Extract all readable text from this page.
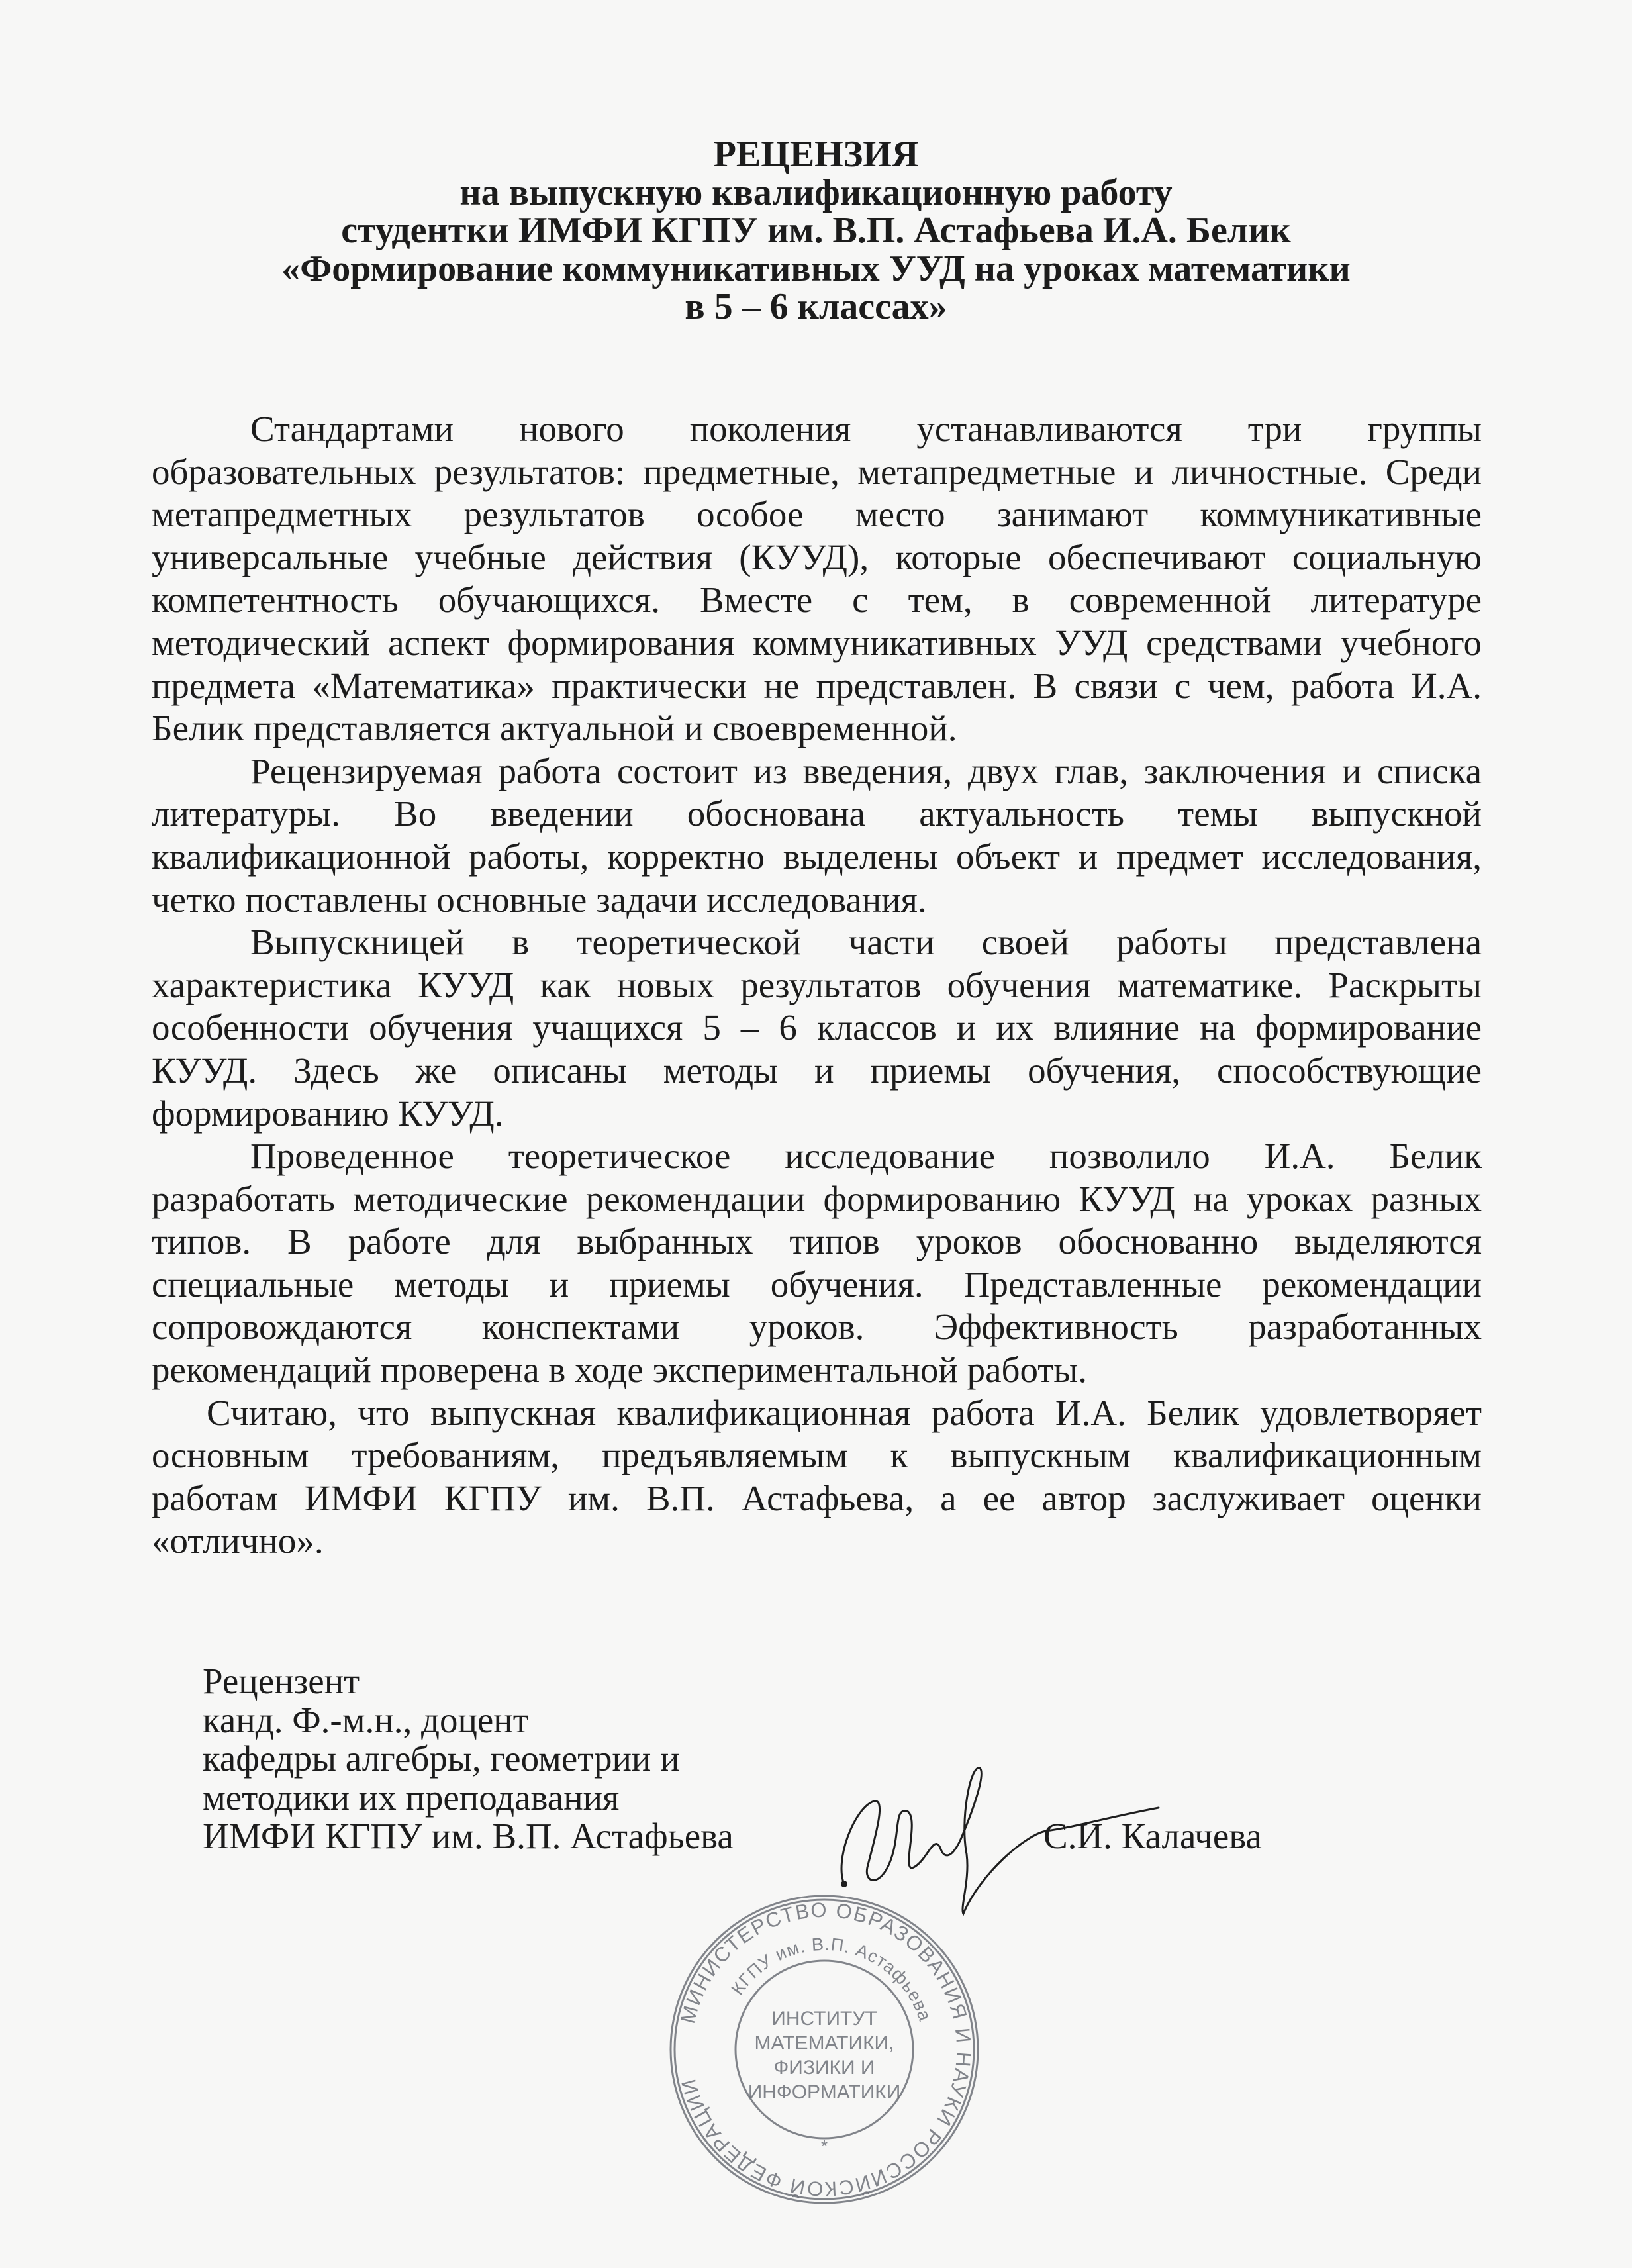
РЕЦЕНЗИЯ
на выпускную квалификационную работу
студентки ИМФИ КГПУ им. В.П. Астафьева И.А. Белик
«Формирование коммуникативных УУД на уроках математики
в 5 – 6 классах»
Стандартами нового поколения устанавливаются три группы
образовательных результатов: предметные, метапредметные и личностные. Среди
метапредметных результатов особое место занимают коммуникативные
универсальные учебные действия (КУУД), которые обеспечивают социальную
компетентность обучающихся. Вместе с тем, в современной литературе
методический аспект формирования коммуникативных УУД средствами учебного
предмета «Математика» практически не представлен. В связи с чем, работа И.А.
Белик представляется актуальной и своевременной.
Рецензируемая работа состоит из введения, двух глав, заключения и списка
литературы. Во введении обоснована актуальность темы выпускной
квалификационной работы, корректно выделены объект и предмет исследования,
четко поставлены основные задачи исследования.
Выпускницей в теоретической части своей работы представлена
характеристика КУУД как новых результатов обучения математике. Раскрыты
особенности обучения учащихся 5 – 6 классов и их влияние на формирование
КУУД. Здесь же описаны методы и приемы обучения, способствующие
формированию КУУД.
Проведенное теоретическое исследование позволило И.А. Белик
разработать методические рекомендации формированию КУУД на уроках разных
типов. В работе для выбранных типов уроков обоснованно выделяются
специальные методы и приемы обучения. Представленные рекомендации
сопровождаются конспектами уроков. Эффективность разработанных
рекомендаций проверена в ходе экспериментальной работы.
Считаю, что выпускная квалификационная работа И.А. Белик удовлетворяет
основным требованиям, предъявляемым к выпускным квалификационным
работам ИМФИ КГПУ им. В.П. Астафьева, а ее автор заслуживает оценки
«отлично».
МИНИСТЕРСТВО ОБРАЗОВАНИЯ И НАУКИ РОССИЙСКОЙ ФЕДЕРАЦИИ
КГПУ им. В.П. Астафьева
ИНСТИТУТ
МАТЕМАТИКИ,
ФИЗИКИ И
ИНФОРМАТИКИ
*
Рецензент
канд. Ф.-м.н., доцент
кафедры алгебры, геометрии и
методики их преподавания
ИМФИ КГПУ им. В.П. Астафьева	С.И. Калачева
